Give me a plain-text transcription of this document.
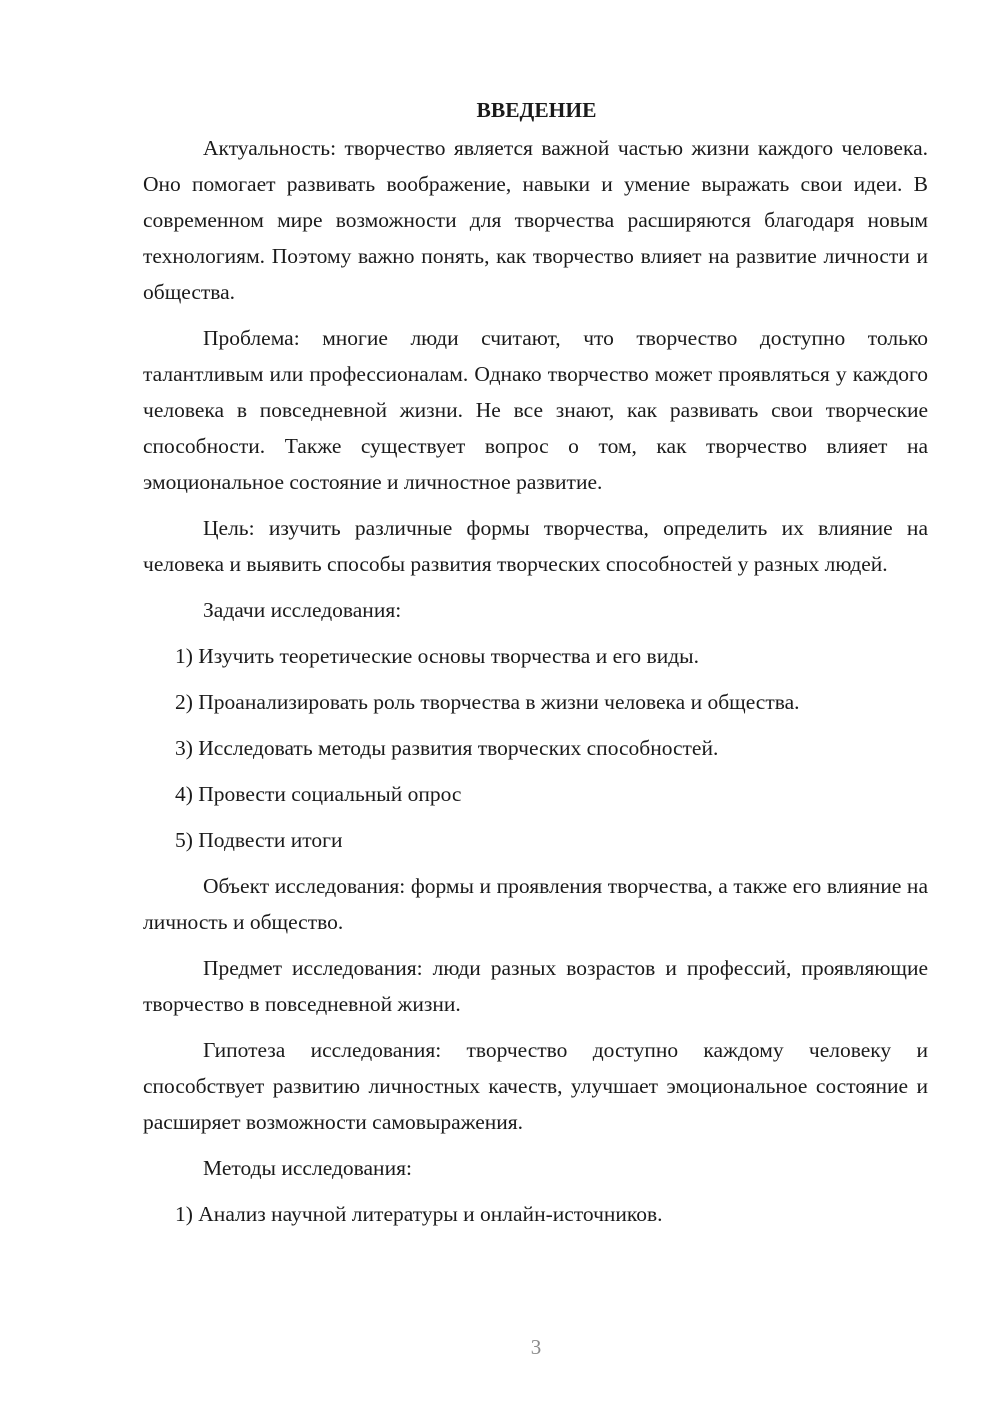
ВВЕДЕНИЕ

Актуальность: творчество является важной частью жизни каждого человека. Оно помогает развивать воображение, навыки и умение выражать свои идеи. В современном мире возможности для творчества расширяются благодаря новым технологиям. Поэтому важно понять, как творчество влияет на развитие личности и общества.

Проблема: многие люди считают, что творчество доступно только талантливым или профессионалам. Однако творчество может проявляться у каждого человека в повседневной жизни. Не все знают, как развивать свои творческие способности. Также существует вопрос о том, как творчество влияет на эмоциональное состояние и личностное развитие.

Цель: изучить различные формы творчества, определить их влияние на человека и выявить способы развития творческих способностей у разных людей.

Задачи исследования:

1) Изучить теоретические основы творчества и его виды.

2) Проанализировать роль творчества в жизни человека и общества.

3) Исследовать методы развития творческих способностей.

4) Провести социальный опрос

5) Подвести итоги

Объект исследования: формы и проявления творчества, а также его влияние на личность и общество.

Предмет исследования: люди разных возрастов и профессий, проявляющие творчество в повседневной жизни.

Гипотеза исследования: творчество доступно каждому человеку и способствует развитию личностных качеств, улучшает эмоциональное состояние и расширяет возможности самовыражения.

Методы исследования:

1) Анализ научной литературы и онлайн-источников.

3
